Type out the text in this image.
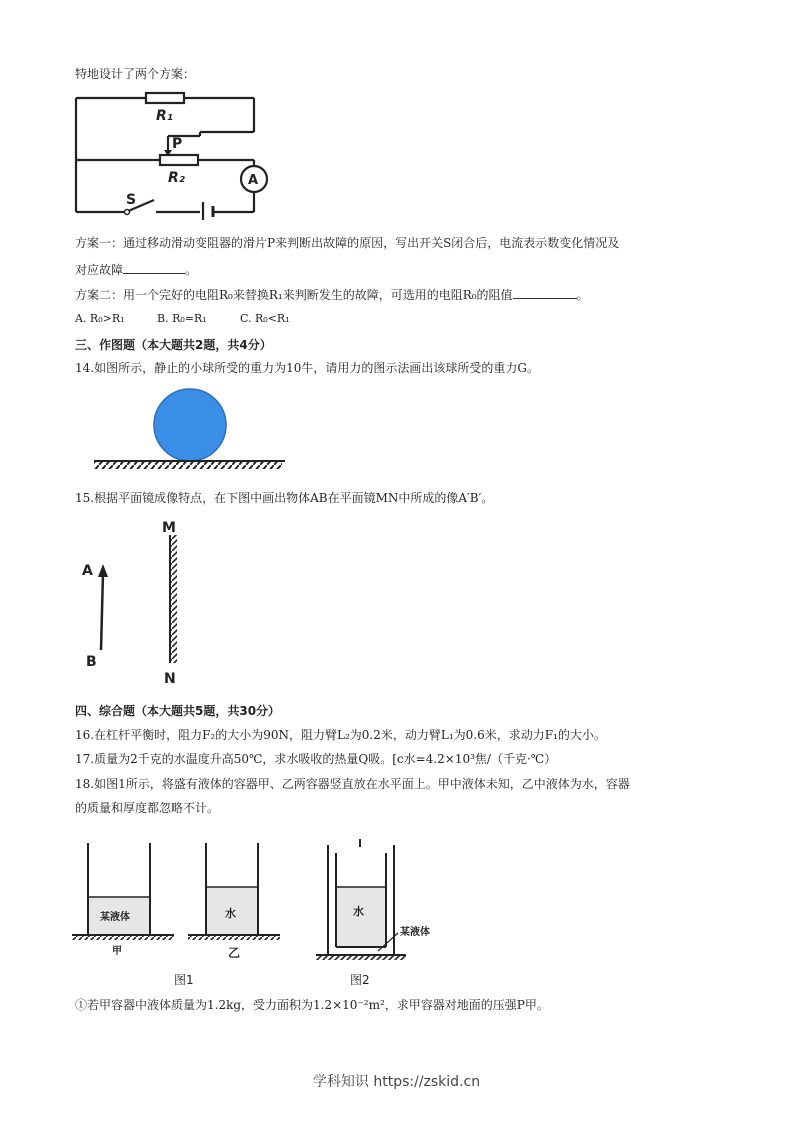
特地设计了两个方案：
R₁
P
R₂	A
S
方案一：通过移动滑动变阻器的滑片P来判断出故障的原因，写出开关S闭合后，电流表示数变化情况及
对应故障	。
方案二：用一个完好的电阻R₀来替换R₁来判断发生的故障，可选用的电阻R₀的阻值	。
A. R₀>R₁	B. R₀=R₁	C. R₀<R₁
三、作图题（本大题共2题，共4分）
14.如图所示，静止的小球所受的重力为10牛，请用力的图示法画出该球所受的重力G。
15.根据平面镜成像特点，在下图中画出物体AB在平面镜MN中所成的像A′B′。
M
N
A
B
四、综合题（本大题共5题，共30分）
16.在杠杆平衡时，阻力F₂的大小为90N，阻力臂L₂为0.2米，动力臂L₁为0.6米，求动力F₁的大小。
17.质量为2千克的水温度升高50℃，求水吸收的热量Q吸。[c水=4.2×10³焦/（千克·℃）
18.如图1所示，将盛有液体的容器甲、乙两容器竖直放在水平面上。甲中液体未知，乙中液体为水，容器
的质量和厚度都忽略不计。
某液体
甲
水
乙
水
某液体
图1	图2
①若甲容器中液体质量为1.2kg，受力面积为1.2×10⁻²m²，求甲容器对地面的压强P甲。
学科知识 https://zskid.cn
